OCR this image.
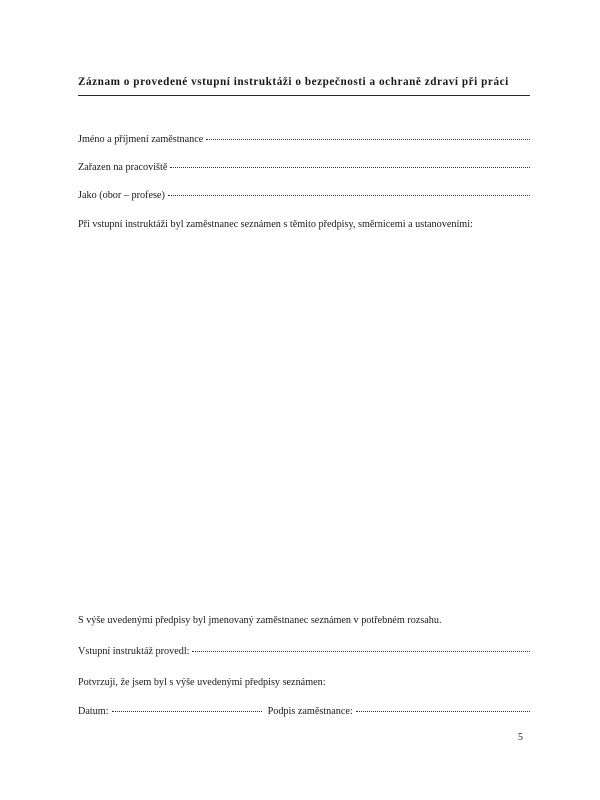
Záznam o provedené vstupní instruktáži o bezpečnosti a ochraně zdraví při práci
Jméno a příjmení zaměstnance
Zařazen na pracoviště
Jako (obor – profese)
Při vstupní instruktáži byl zaměstnanec seznámen s těmito předpisy, směrnicemi a ustanoveními:
S výše uvedenými předpisy byl jmenovaný zaměstnanec seznámen v potřebném rozsahu.
Vstupní instruktáž provedl:
Potvrzuji, že jsem byl s výše uvedenými předpisy seznámen:
Datum:	Podpis zaměstnance:
5
